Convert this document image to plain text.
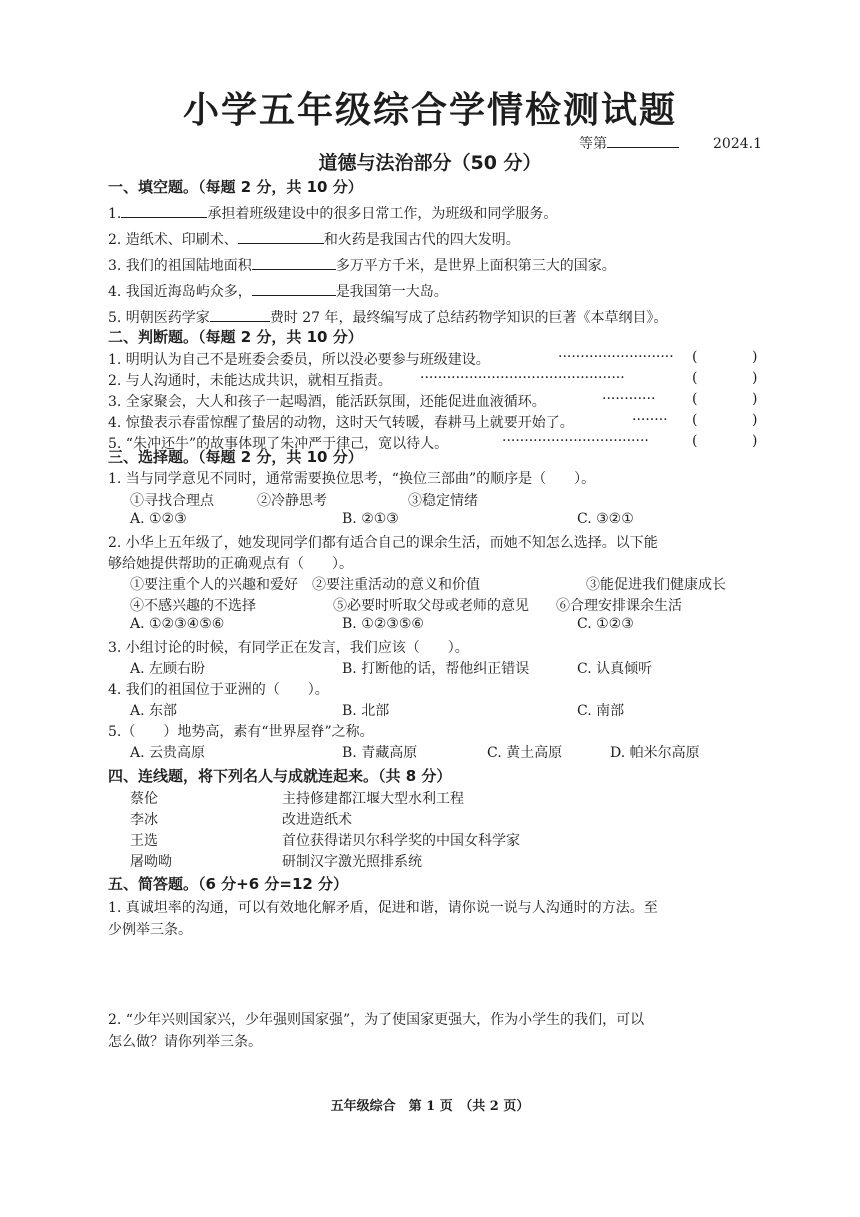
小学五年级综合学情检测试题
等第	2024.1
道德与法治部分（50 分）
一、填空题。（每题 2 分，共 10 分）
1.	承担着班级建设中的很多日常工作，为班级和同学服务。
2. 造纸术、印刷术、	和火药是我国古代的四大发明。
3. 我们的祖国陆地面积	多万平方千米，是世界上面积第三大的国家。
4. 我国近海岛屿众多，	是我国第一大岛。
5. 明朝医药学家	费时 27 年，最终编写成了总结药物学知识的巨著《本草纲目》。
二、判断题。（每题 2 分，共 10 分）
1. 明明认为自己不是班委会委员，所以没必要参与班级建设。	·························· (	)
2. 与人沟通时，未能达成共识，就相互指责。 ··············································	(	)
3. 全家聚会，大人和孩子一起喝酒，能活跃氛围，还能促进血液循环。	············	(	)
4. 惊蛰表示春雷惊醒了蛰居的动物，这时天气转暖，春耕马上就要开始了。	········ (	)
5. “朱冲还牛”的故事体现了朱冲严于律己，宽以待人。	·································	(	)
三、选择题。（每题 2 分，共 10 分）
1. 当与同学意见不同时，通常需要换位思考，“换位三部曲”的顺序是（　　）。
①寻找合理点	②冷静思考	③稳定情绪
A. ①②③	B. ②①③	C. ③②①
2. 小华上五年级了，她发现同学们都有适合自己的课余生活，而她不知怎么选择。以下能
够给她提供帮助的正确观点有（　　）。
①要注重个人的兴趣和爱好 ②要注重活动的意义和价值	③能促进我们健康成长
④不感兴趣的不选择	⑤必要时听取父母或老师的意见 ⑥合理安排课余生活
A. ①②③④⑤⑥	B. ①②③⑤⑥	C. ①②③
3. 小组讨论的时候，有同学正在发言，我们应该（　　）。
A. 左顾右盼	B. 打断他的话，帮他纠正错误	C. 认真倾听
4. 我们的祖国位于亚洲的（　　）。
A. 东部	B. 北部	C. 南部
5.（　　）地势高，素有“世界屋脊”之称。
A. 云贵高原	B. 青藏高原	C. 黄土高原	D. 帕米尔高原
四、连线题，将下列名人与成就连起来。（共 8 分）
蔡伦	主持修建都江堰大型水利工程
李冰	改进造纸术
王选	首位获得诺贝尔科学奖的中国女科学家
屠呦呦	研制汉字激光照排系统
五、简答题。（6 分+6 分=12 分）
1. 真诚坦率的沟通，可以有效地化解矛盾，促进和谐，请你说一说与人沟通时的方法。至
少例举三条。
2. “少年兴则国家兴，少年强则国家强”，为了使国家更强大，作为小学生的我们，可以
怎么做？请你列举三条。
五年级综合　第 1 页　（共 2 页）
